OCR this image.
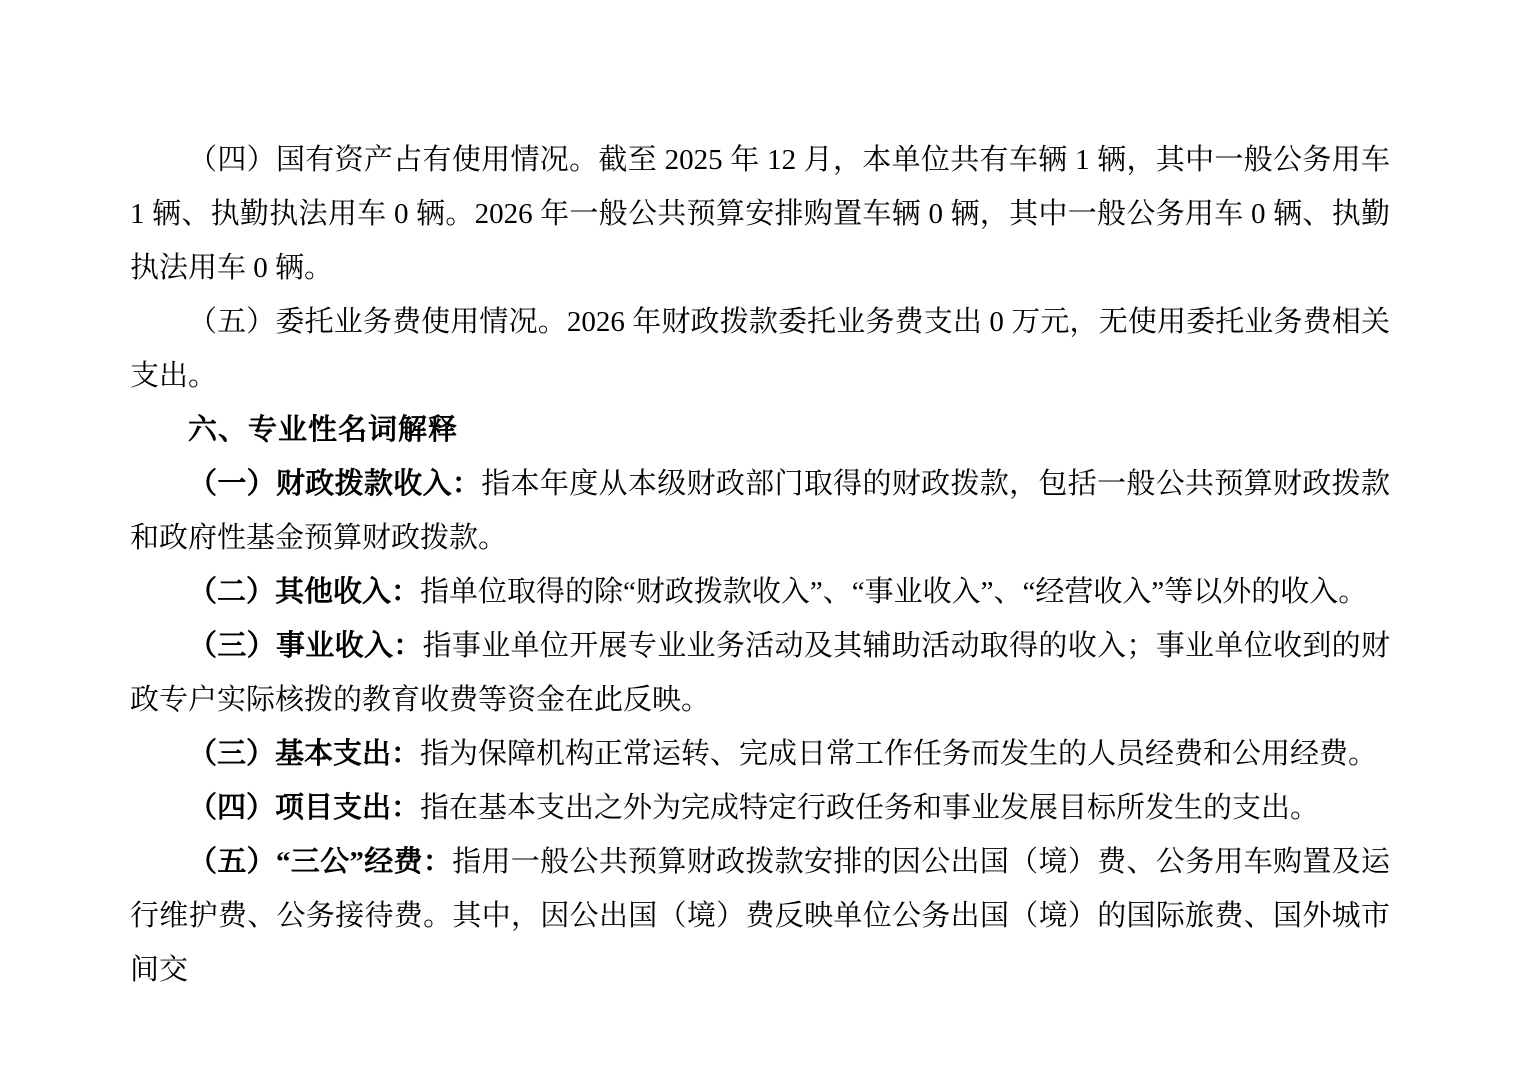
（四）国有资产占有使用情况。截至 2025 年 12 月，本单位共有车辆 1 辆，其中一般公务用车 1 辆、执勤执法用车 0 辆。2026 年一般公共预算安排购置车辆 0 辆，其中一般公务用车 0 辆、执勤执法用车 0 辆。

（五）委托业务费使用情况。2026 年财政拨款委托业务费支出 0 万元，无使用委托业务费相关支出。

六、专业性名词解释

（一）财政拨款收入：指本年度从本级财政部门取得的财政拨款，包括一般公共预算财政拨款和政府性基金预算财政拨款。

（二）其他收入：指单位取得的除“财政拨款收入”、“事业收入”、“经营收入”等以外的收入。

（三）事业收入：指事业单位开展专业业务活动及其辅助活动取得的收入；事业单位收到的财政专户实际核拨的教育收费等资金在此反映。

（三）基本支出：指为保障机构正常运转、完成日常工作任务而发生的人员经费和公用经费。

（四）项目支出：指在基本支出之外为完成特定行政任务和事业发展目标所发生的支出。

（五）“三公”经费：指用一般公共预算财政拨款安排的因公出国（境）费、公务用车购置及运行维护费、公务接待费。其中，因公出国（境）费反映单位公务出国（境）的国际旅费、国外城市间交
